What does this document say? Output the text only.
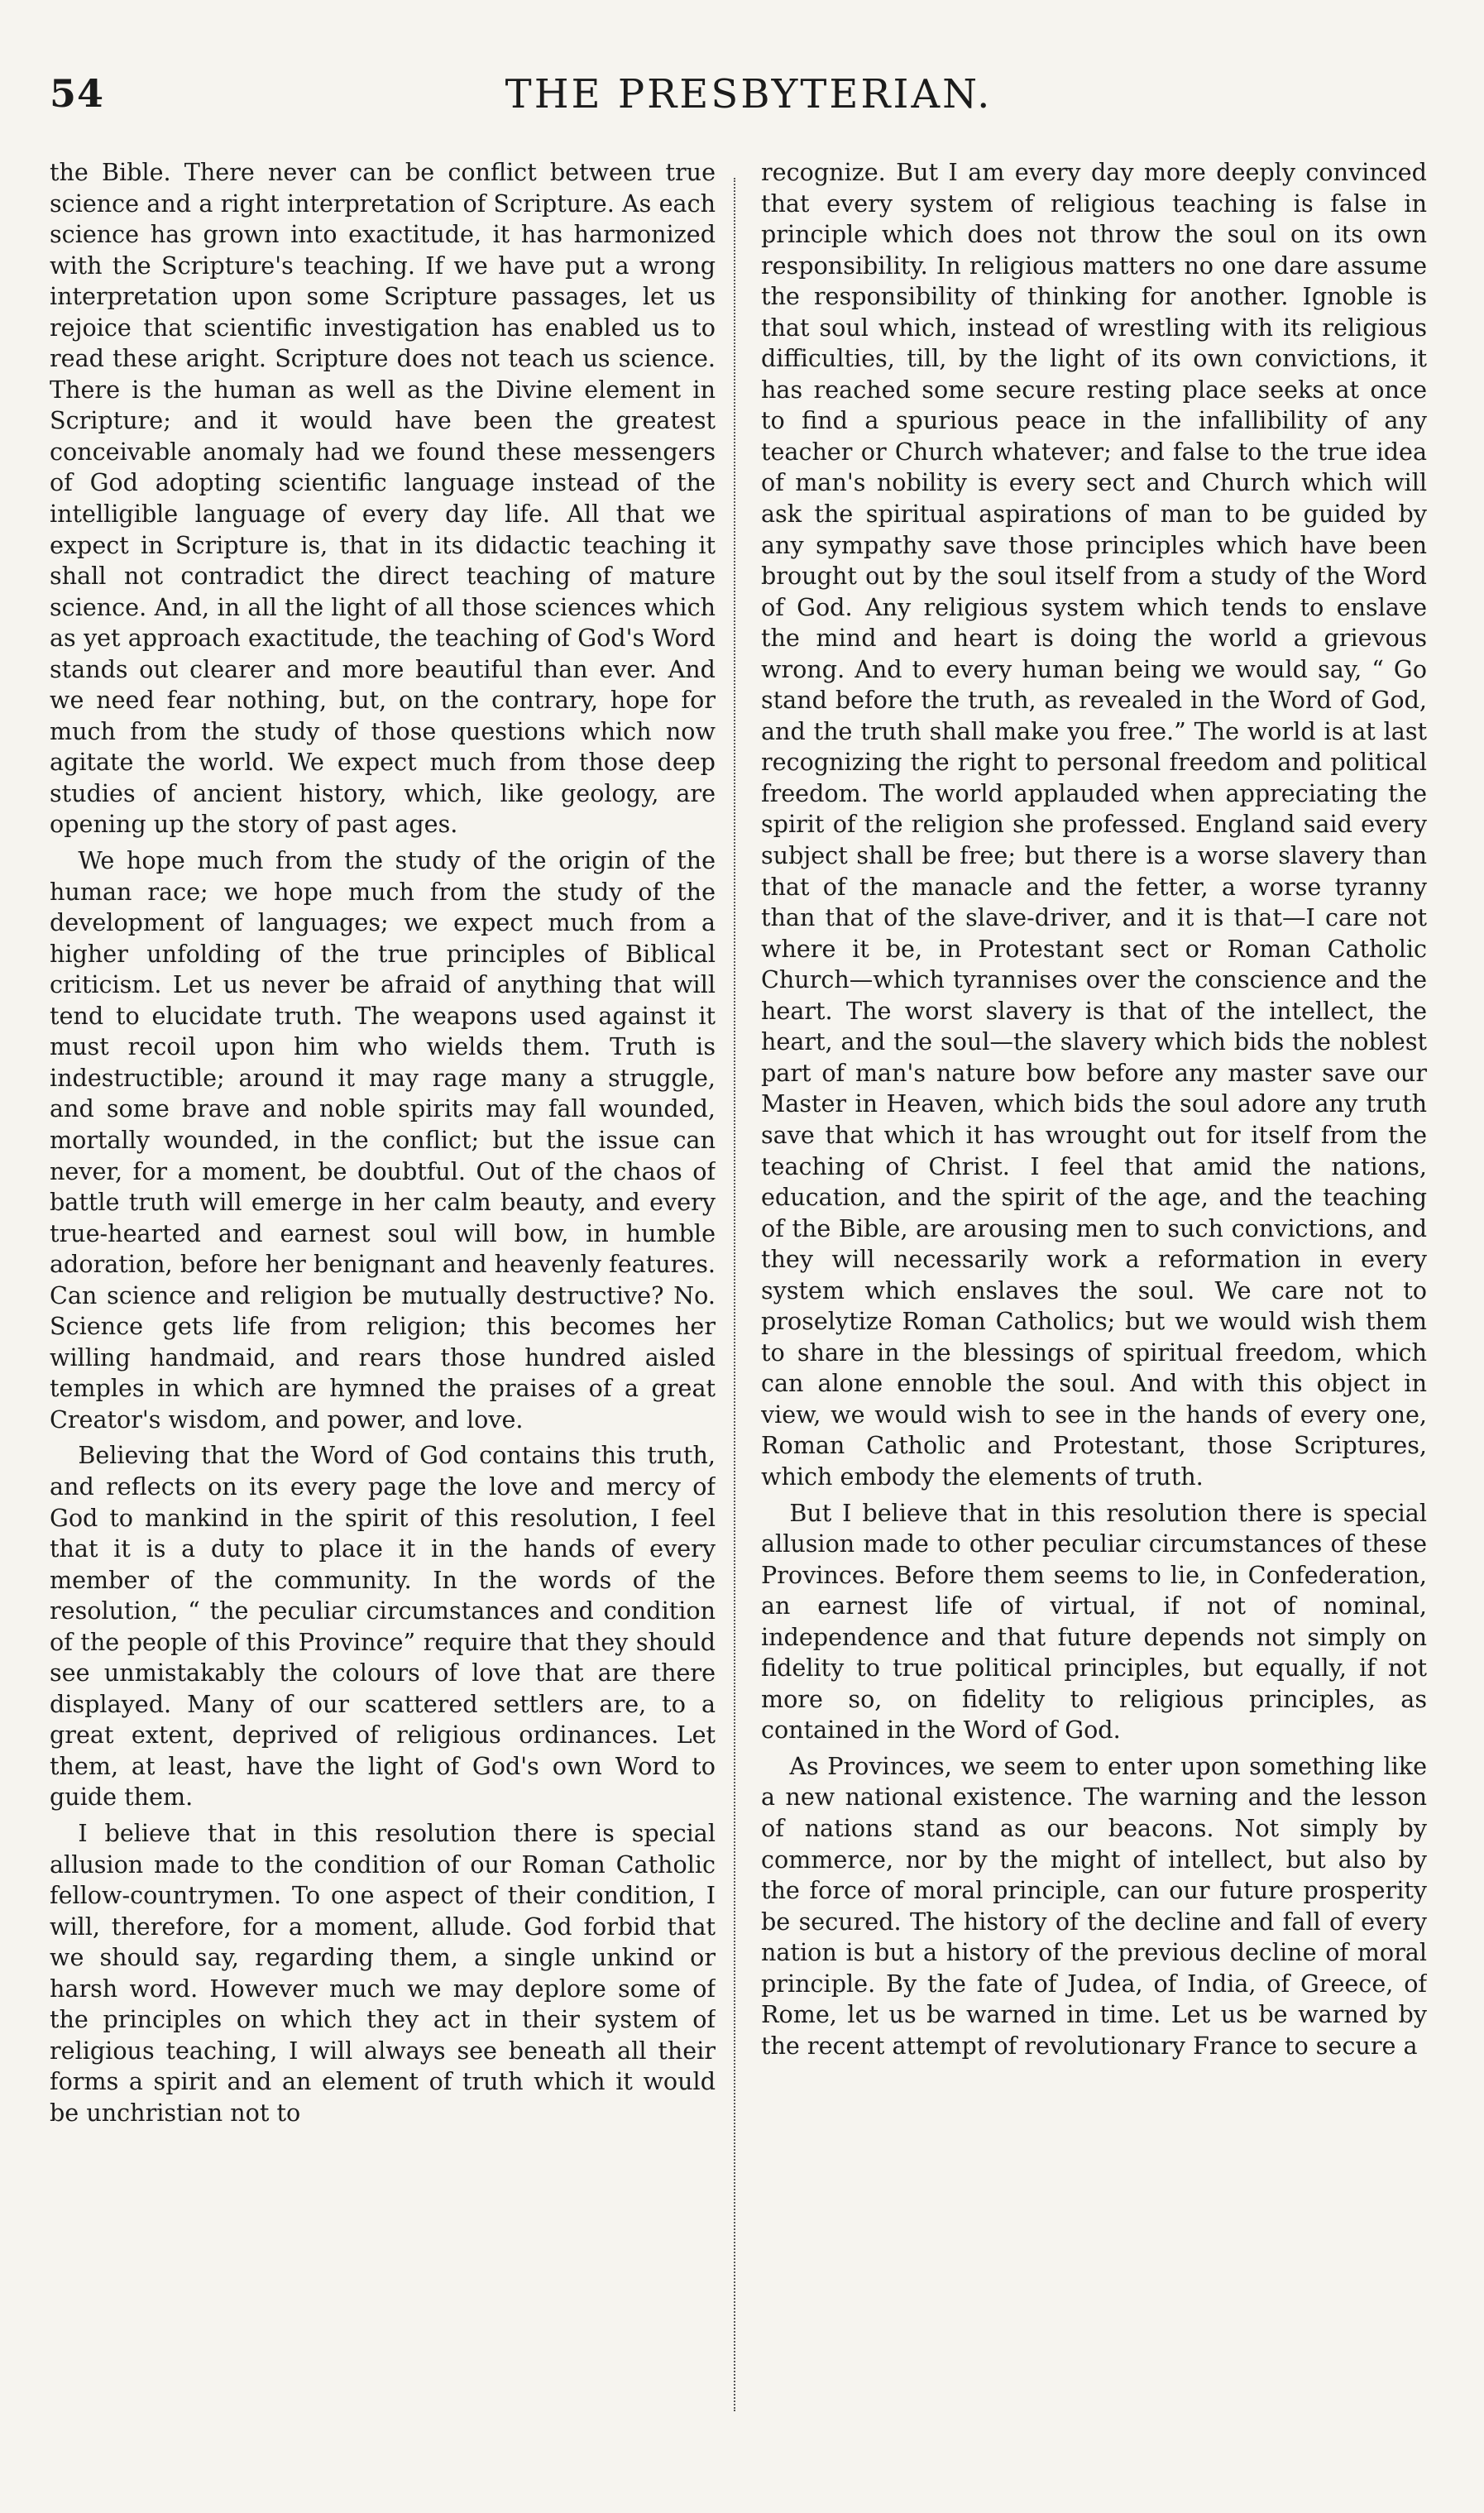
54	THE PRESBYTERIAN.

the Bible. There never can be conflict between true science and a right interpretation of Scripture. As each science has grown into exactitude, it has harmonized with the Scripture's teaching. If we have put a wrong interpretation upon some Scripture passages, let us rejoice that scientific investigation has enabled us to read these aright. Scripture does not teach us science. There is the human as well as the Divine element in Scripture; and it would have been the greatest conceivable anomaly had we found these messengers of God adopting scientific language instead of the intelligible language of every day life. All that we expect in Scripture is, that in its didactic teaching it shall not contradict the direct teaching of mature science. And, in all the light of all those sciences which as yet approach exactitude, the teaching of God's Word stands out clearer and more beautiful than ever. And we need fear nothing, but, on the contrary, hope for much from the study of those questions which now agitate the world. We expect much from those deep studies of ancient history, which, like geology, are opening up the story of past ages.

We hope much from the study of the origin of the human race; we hope much from the study of the development of languages; we expect much from a higher unfolding of the true principles of Biblical criticism. Let us never be afraid of anything that will tend to elucidate truth. The weapons used against it must recoil upon him who wields them. Truth is indestructible; around it may rage many a struggle, and some brave and noble spirits may fall wounded, mortally wounded, in the conflict; but the issue can never, for a moment, be doubtful. Out of the chaos of battle truth will emerge in her calm beauty, and every true-hearted and earnest soul will bow, in humble adoration, before her benignant and heavenly features. Can science and religion be mutually destructive? No. Science gets life from religion; this becomes her willing handmaid, and rears those hundred aisled temples in which are hymned the praises of a great Creator's wisdom, and power, and love.

Believing that the Word of God contains this truth, and reflects on its every page the love and mercy of God to mankind in the spirit of this resolution, I feel that it is a duty to place it in the hands of every member of the community. In the words of the resolution, “ the peculiar circumstances and condition of the people of this Province” require that they should see unmistakably the colours of love that are there displayed. Many of our scattered settlers are, to a great extent, deprived of religious ordinances. Let them, at least, have the light of God's own Word to guide them.

I believe that in this resolution there is special allusion made to the condition of our Roman Catholic fellow-countrymen. To one aspect of their condition, I will, therefore, for a moment, allude. God forbid that we should say, regarding them, a single unkind or harsh word. However much we may deplore some of the principles on which they act in their system of religious teaching, I will always see beneath all their forms a spirit and an element of truth which it would be unchristian not to

recognize. But I am every day more deeply convinced that every system of religious teaching is false in principle which does not throw the soul on its own responsibility. In religious matters no one dare assume the responsibility of thinking for another. Ignoble is that soul which, instead of wrestling with its religious difficulties, till, by the light of its own convictions, it has reached some secure resting place seeks at once to find a spurious peace in the infallibility of any teacher or Church whatever; and false to the true idea of man's nobility is every sect and Church which will ask the spiritual aspirations of man to be guided by any sympathy save those principles which have been brought out by the soul itself from a study of the Word of God. Any religious system which tends to enslave the mind and heart is doing the world a grievous wrong. And to every human being we would say, “ Go stand before the truth, as revealed in the Word of God, and the truth shall make you free.” The world is at last recognizing the right to personal freedom and political freedom. The world applauded when appreciating the spirit of the religion she professed. England said every subject shall be free; but there is a worse slavery than that of the manacle and the fetter, a worse tyranny than that of the slave-driver, and it is that—I care not where it be, in Protestant sect or Roman Catholic Church—which tyrannises over the conscience and the heart. The worst slavery is that of the intellect, the heart, and the soul—the slavery which bids the noblest part of man's nature bow before any master save our Master in Heaven, which bids the soul adore any truth save that which it has wrought out for itself from the teaching of Christ. I feel that amid the nations, education, and the spirit of the age, and the teaching of the Bible, are arousing men to such convictions, and they will necessarily work a reformation in every system which enslaves the soul. We care not to proselytize Roman Catholics; but we would wish them to share in the blessings of spiritual freedom, which can alone ennoble the soul. And with this object in view, we would wish to see in the hands of every one, Roman Catholic and Protestant, those Scriptures, which embody the elements of truth.

But I believe that in this resolution there is special allusion made to other peculiar circumstances of these Provinces. Before them seems to lie, in Confederation, an earnest life of virtual, if not of nominal, independence and that future depends not simply on fidelity to true political principles, but equally, if not more so, on fidelity to religious principles, as contained in the Word of God.

As Provinces, we seem to enter upon something like a new national existence. The warning and the lesson of nations stand as our beacons. Not simply by commerce, nor by the might of intellect, but also by the force of moral principle, can our future prosperity be secured. The history of the decline and fall of every nation is but a history of the previous decline of moral principle. By the fate of Judea, of India, of Greece, of Rome, let us be warned in time. Let us be warned by the recent attempt of revolutionary France to secure a
